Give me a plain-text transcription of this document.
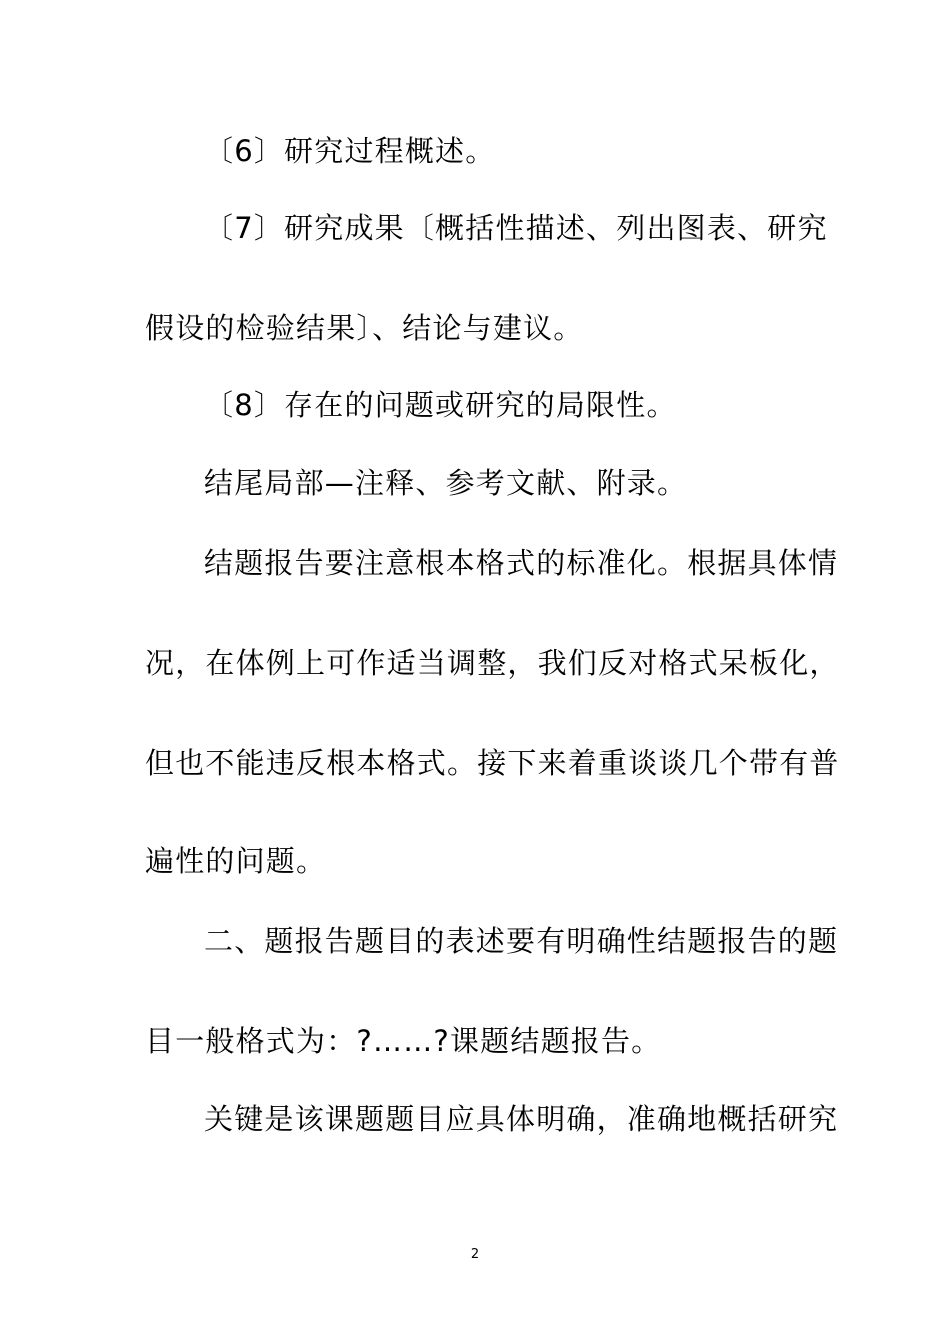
〔6〕研究过程概述。
〔7〕研究成果〔概括性描述、列出图表、研究
假设的检验结果〕、结论与建议。
〔8〕存在的问题或研究的局限性。
结尾局部—注释、参考文献、附录。
结题报告要注意根本格式的标准化。根据具体情
况，在体例上可作适当调整，我们反对格式呆板化，
但也不能违反根本格式。接下来着重谈谈几个带有普
遍性的问题。
二、题报告题目的表述要有明确性结题报告的题
目一般格式为：?……?课题结题报告。
关键是该课题题目应具体明确，准确地概括研究
2
